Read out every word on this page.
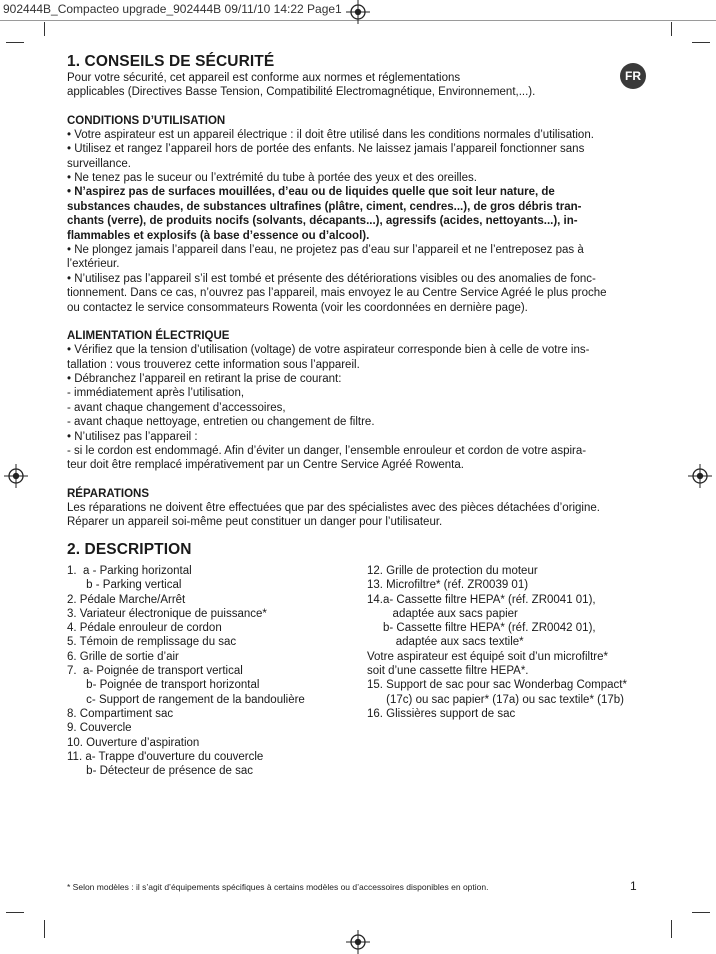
902444B_Compacteo upgrade_902444B 09/11/10 14:22 Page1
FR
1. CONSEILS DE SÉCURITÉ

Pour votre sécurité, cet appareil est conforme aux normes et réglementations

applicables (Directives Basse Tension, Compatibilité Electromagnétique, Environnement,...).

CONDITIONS D’UTILISATION

• Votre aspirateur est un appareil électrique : il doit être utilisé dans les conditions normales d’utilisation.

• Utilisez et rangez l’appareil hors de portée des enfants. Ne laissez jamais l’appareil fonctionner sans

surveillance.

• Ne tenez pas le suceur ou l’extrémité du tube à portée des yeux et des oreilles.

• N’aspirez pas de surfaces mouillées, d’eau ou de liquides quelle que soit leur nature, de

substances chaudes, de substances ultrafines (plâtre, ciment, cendres...), de gros débris tran-

chants (verre), de produits nocifs (solvants, décapants...), agressifs (acides, nettoyants...), in-

flammables et explosifs (à base d’essence ou d’alcool).

• Ne plongez jamais l’appareil dans l’eau, ne projetez pas d’eau sur l’appareil et ne l’entreposez pas à

l’extérieur.

• N’utilisez pas l’appareil s’il est tombé et présente des détériorations visibles ou des anomalies de fonc-

tionnement. Dans ce cas, n’ouvrez pas l’appareil, mais envoyez le au Centre Service Agréé le plus proche

ou contactez le service consommateurs Rowenta (voir les coordonnées en dernière page).

ALIMENTATION ÉLECTRIQUE

• Vérifiez que la tension d’utilisation (voltage) de votre aspirateur corresponde bien à celle de votre ins-

tallation : vous trouverez cette information sous l’appareil.

• Débranchez l’appareil en retirant la prise de courant:

- immédiatement après l’utilisation,

- avant chaque changement d’accessoires,

- avant chaque nettoyage, entretien ou changement de filtre.

• N’utilisez pas l’appareil :

- si le cordon est endommagé. Afin d’éviter un danger, l’ensemble enrouleur et cordon de votre aspira-

teur doit être remplacé impérativement par un Centre Service Agréé Rowenta.

RÉPARATIONS

Les réparations ne doivent être effectuées que par des spécialistes avec des pièces détachées d’origine.

Réparer un appareil soi-même peut constituer un danger pour l’utilisateur.

2. DESCRIPTION

1.  a - Parking horizontal

b - Parking vertical

2. Pédale Marche/Arrêt

3. Variateur électronique de puissance*

4. Pédale enrouleur de cordon

5. Témoin de remplissage du sac

6. Grille de sortie d’air

7.  a- Poignée de transport vertical

b- Poignée de transport horizontal

c- Support de rangement de la bandoulière

8. Compartiment sac

9. Couvercle

10. Ouverture d’aspiration

11. a- Trappe d'ouverture du couvercle

b- Détecteur de présence de sac

12. Grille de protection du moteur

13. Microfiltre* (réf. ZR0039 01)

14.a- Cassette filtre HEPA* (réf. ZR0041 01),

adaptée aux sacs papier

b- Cassette filtre HEPA* (réf. ZR0042 01),

adaptée aux sacs textile*

Votre aspirateur est équipé soit d’un microfiltre*

soit d’une cassette filtre HEPA*.

15. Support de sac pour sac Wonderbag Compact*

(17c) ou sac papier* (17a) ou sac textile* (17b)

16. Glissières support de sac

* Selon modèles : il s’agit d’équipements spécifiques à certains modèles ou d’accessoires disponibles en option.	1
